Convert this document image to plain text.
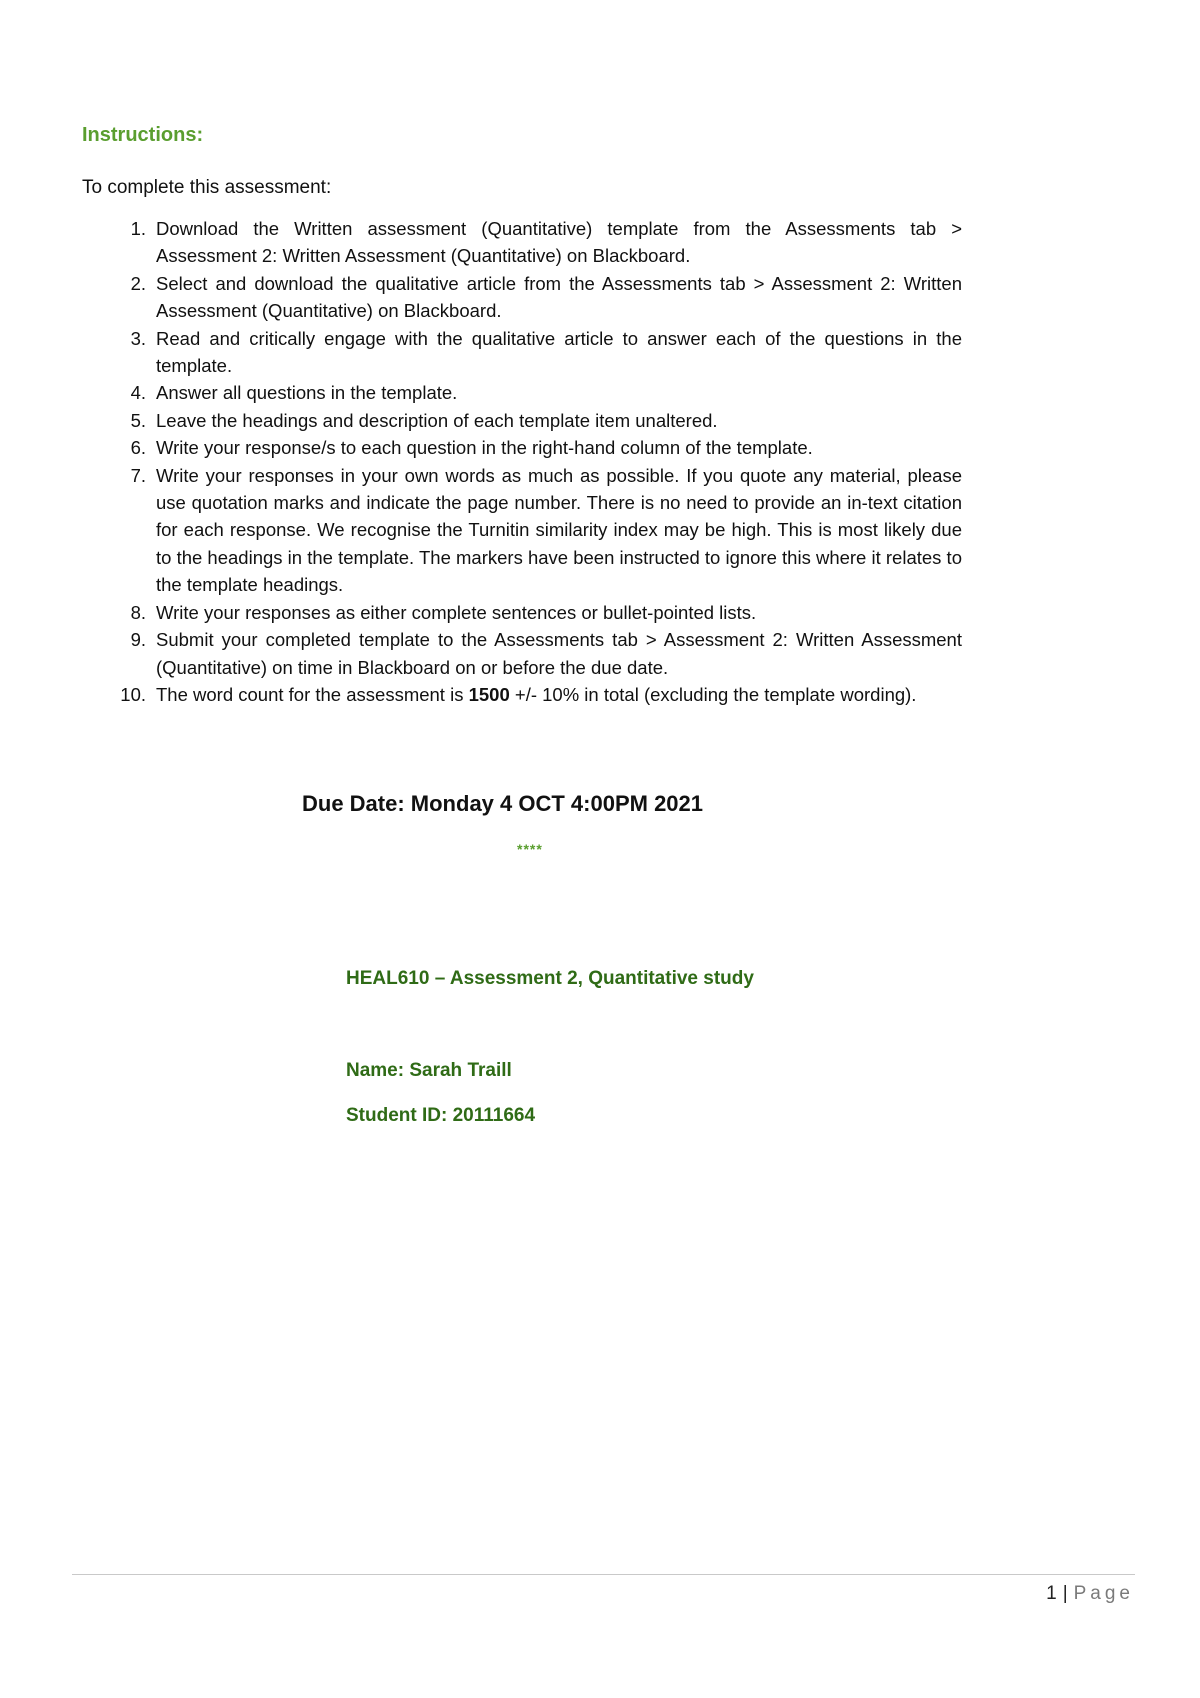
Instructions:
To complete this assessment:
1. Download the Written assessment (Quantitative) template from the Assessments tab > Assessment 2: Written Assessment (Quantitative) on Blackboard.
2. Select and download the qualitative article from the Assessments tab > Assessment 2: Written Assessment (Quantitative) on Blackboard.
3. Read and critically engage with the qualitative article to answer each of the questions in the template.
4. Answer all questions in the template.
5. Leave the headings and description of each template item unaltered.
6. Write your response/s to each question in the right-hand column of the template.
7. Write your responses in your own words as much as possible. If you quote any material, please use quotation marks and indicate the page number. There is no need to provide an in-text citation for each response. We recognise the Turnitin similarity index may be high. This is most likely due to the headings in the template. The markers have been instructed to ignore this where it relates to the template headings.
8. Write your responses as either complete sentences or bullet-pointed lists.
9. Submit your completed template to the Assessments tab > Assessment 2: Written Assessment (Quantitative) on time in Blackboard on or before the due date.
10. The word count for the assessment is 1500 +/- 10% in total (excluding the template wording).
Due Date: Monday 4 OCT 4:00PM 2021
****
HEAL610 – Assessment 2, Quantitative study
Name: Sarah Traill
Student ID: 20111664
1 | Page
